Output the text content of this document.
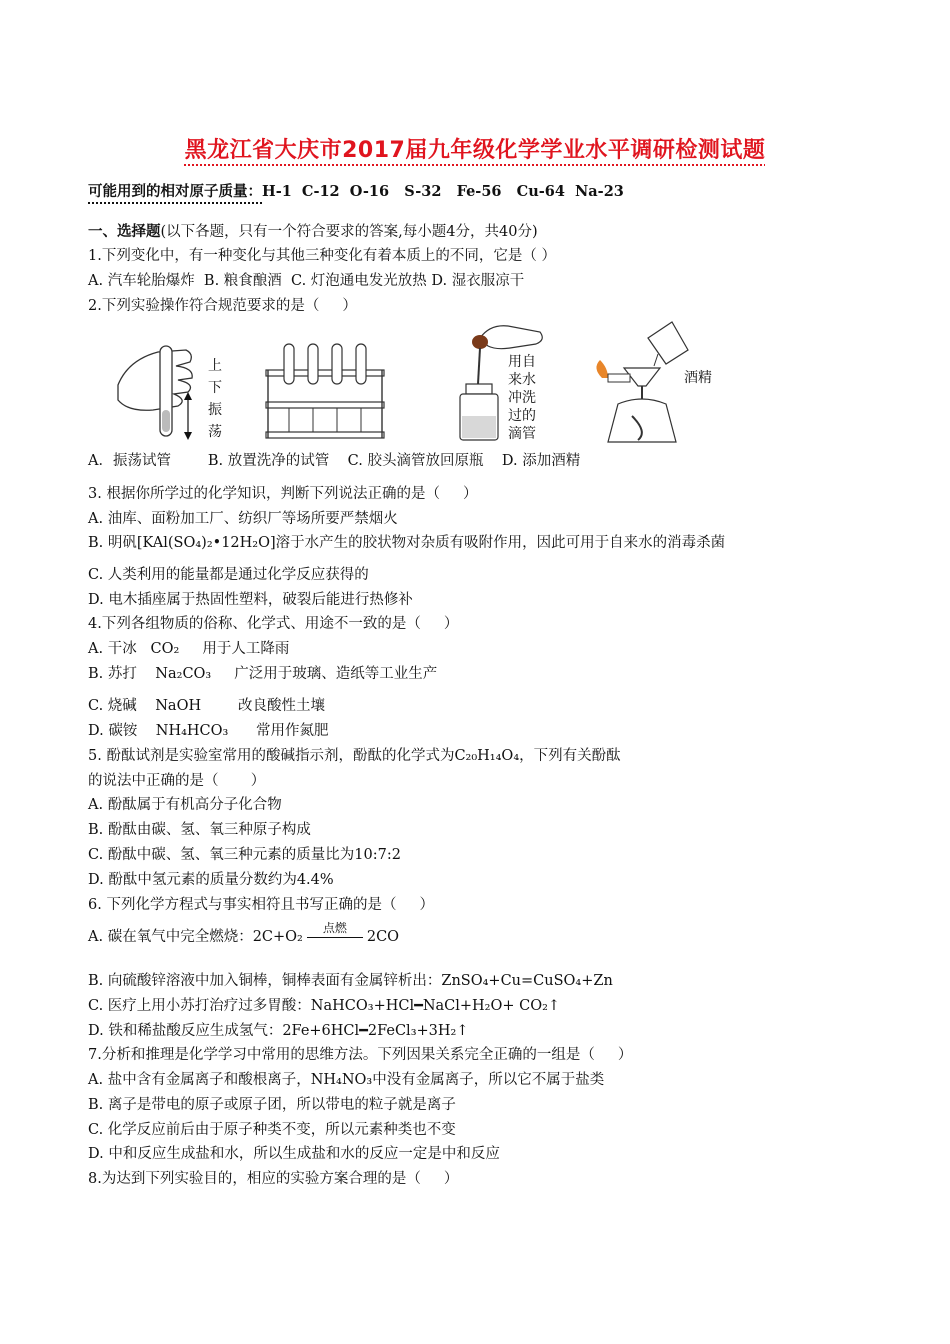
黑龙江省大庆市2017届九年级化学学业水平调研检测试题
可能用到的相对原子质量：H-1  C-12  O-16   S-32   Fe-56   Cu-64  Na-23
一、选择题(以下各题，只有一个符合要求的答案,每小题4分，共40分)
1.下列变化中，有一种变化与其他三种变化有着本质上的不同，它是（ ）
A. 汽车轮胎爆炸  B. 粮食酿酒  C. 灯泡通电发光放热 D. 湿衣服凉干
2.下列实验操作符合规范要求的是（     ）
上
下
振
荡
用自
来水
冲洗
过的
滴管
酒精
A．振荡试管        B. 放置洗净的试管    C. 胶头滴管放回原瓶    D. 添加酒精
3. 根据你所学过的化学知识，判断下列说法正确的是（     ）
A. 油库、面粉加工厂、纺织厂等场所要严禁烟火
B. 明矾[KAl(SO₄)₂•12H₂O]溶于水产生的胶状物对杂质有吸附作用，因此可用于自来水的消毒杀菌
C. 人类利用的能量都是通过化学反应获得的
D. 电木插座属于热固性塑料，破裂后能进行热修补
4.下列各组物质的俗称、化学式、用途不一致的是（     ）
A. 干冰   CO₂     用于人工降雨
B. 苏打    Na₂CO₃     广泛用于玻璃、造纸等工业生产
C. 烧碱    NaOH        改良酸性土壤
D. 碳铵    NH₄HCO₃      常用作氮肥
5. 酚酞试剂是实验室常用的酸碱指示剂，酚酞的化学式为C₂₀H₁₄O₄，下列有关酚酞
的说法中正确的是（       ）
A. 酚酞属于有机高分子化合物
B. 酚酞由碳、氢、氧三种原子构成
C. 酚酞中碳、氢、氧三种元素的质量比为10:7:2
D. 酚酞中氢元素的质量分数约为4.4%
6. 下列化学方程式与事实相符且书写正确的是（     ）
A. 碳在氧气中完全燃烧：2C+O₂
点燃
2CO
B. 向硫酸锌溶液中加入铜棒，铜棒表面有金属锌析出：ZnSO₄+Cu=CuSO₄+Zn
C. 医疗上用小苏打治疗过多胃酸：NaHCO₃+HCl━NaCl+H₂O+ CO₂↑
D. 铁和稀盐酸反应生成氢气：2Fe+6HCl━2FeCl₃+3H₂↑
7.分析和推理是化学学习中常用的思维方法。下列因果关系完全正确的一组是（     ）
A. 盐中含有金属离子和酸根离子，NH₄NO₃中没有金属离子，所以它不属于盐类
B. 离子是带电的原子或原子团，所以带电的粒子就是离子
C. 化学反应前后由于原子种类不变，所以元素种类也不变
D. 中和反应生成盐和水，所以生成盐和水的反应一定是中和反应
8.为达到下列实验目的，相应的实验方案合理的是（     ）
